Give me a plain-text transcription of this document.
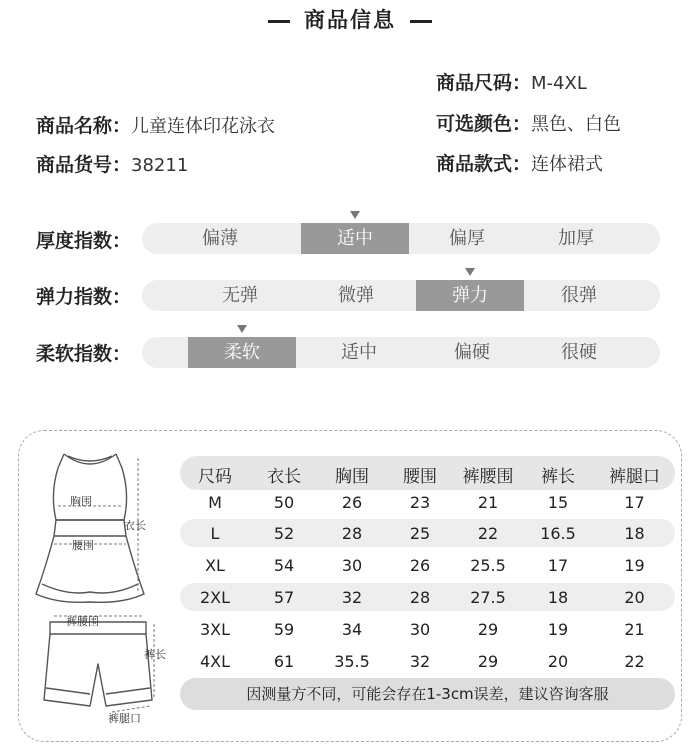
商品信息
商品尺码：M-4XL
商品名称：儿童连体印花泳衣	可选颜色：黑色、白色
商品货号：38211	商品款式：连体裙式
厚度指数：	偏薄	适中	偏厚	加厚
弹力指数：	无弹	微弹	弹力	很弹
柔软指数：	柔软	适中	偏硬	很硬
胸围
衣长
腰围
裤腰围
裤长
裤腿口
尺码	衣长	胸围	腰围	裤腰围	裤长	裤腿口
M	50	26	23	21	15	17
L	52	28	25	22	16.5	18
XL	54	30	26	25.5	17	19
2XL	57	32	28	27.5	18	20
3XL	59	34	30	29	19	21
4XL	61	35.5	32	29	20	22
因测量方不同，可能会存在1-3cm误差，建议咨询客服
